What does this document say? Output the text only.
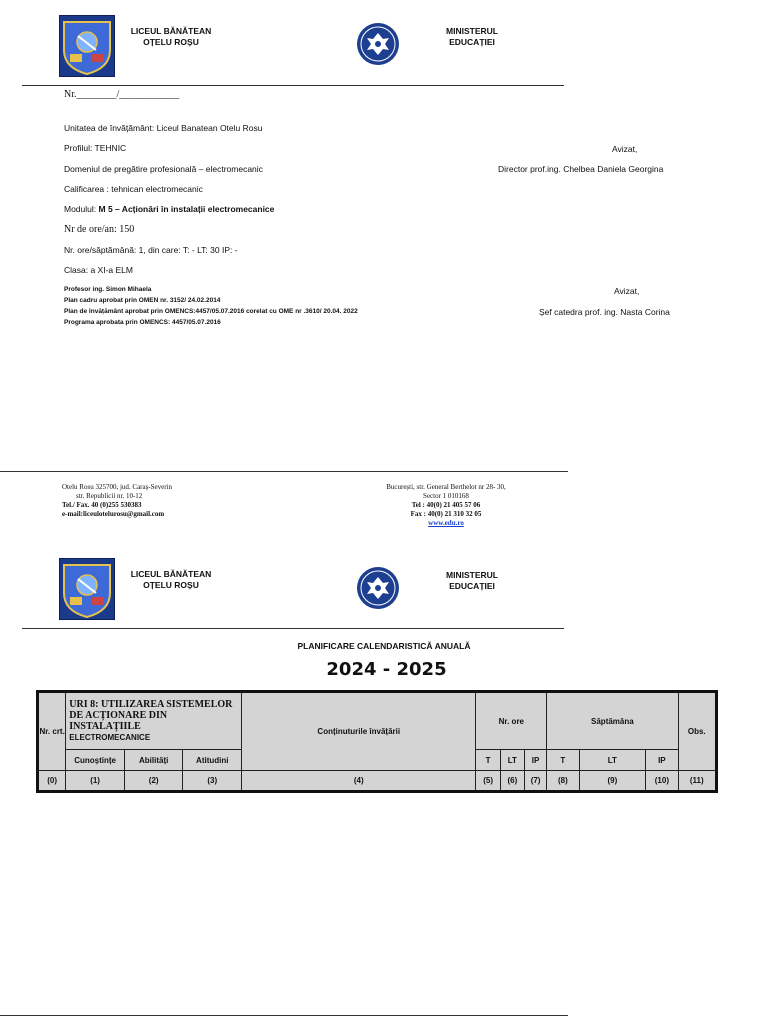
LICEUL BĂNĂTEAN
OȚELU ROȘU
MINISTERUL
EDUCAȚIEI
Nr.________/____________
Unitatea de învățământ: Liceul Banatean Otelu Rosu
Profilul: TEHNIC
Domeniul de pregătire profesională – electromecanic
Calificarea : tehnican electromecanic
Modulul: M 5 – Acționări în instalații electromecanice
Nr de ore/an: 150
Nr. ore/săptămână: 1, din care: T: - LT: 30 IP: -
Clasa: a XI-a ELM
Profesor ing. Simon Mihaela
Plan cadru aprobat prin OMEN nr. 3152/ 24.02.2014
Plan de învățământ aprobat prin OMENCS:4457/05.07.2016 corelat cu OME nr .3610/ 20.04. 2022
Programa aprobata prin OMENCS: 4457/05.07.2016
Avizat,
Director prof.ing. Chelbea Daniela Georgina
Avizat,
Șef catedra prof. ing. Nasta Corina
Otelu Rosu 325700, jud. Caraș-Severin
str. Republicii nr. 10-12
Tel./ Fax. 40 (0)255 530383
e-mail:liceulotelurosu@gmail.com
București, str. General Berthelot nr 28- 30,
Sector 1 010168
Tel : 40(0) 21 405 57 06
Fax : 40(0) 21 310 32 05
www.edu.ro
LICEUL BĂNĂTEAN
OȚELU ROȘU
MINISTERUL
EDUCAȚIEI
PLANIFICARE CALENDARISTICĂ ANUALĂ
2024 - 2025
Nr. crt.	URI 8: UTILIZAREA SISTEMELOR DE ACȚIONARE DIN INSTALAȚIILE
ELECTROMECANICE			Conținuturile învățării	Nr. ore			Săptămâna			Obs.
	Cunoștințe	Abilități	Atitudini		T	LT	IP	T	LT	IP	
(0)	(1)	(2)	(3)	(4)	(5)	(6)	(7)	(8)	(9)	(10)	(11)
